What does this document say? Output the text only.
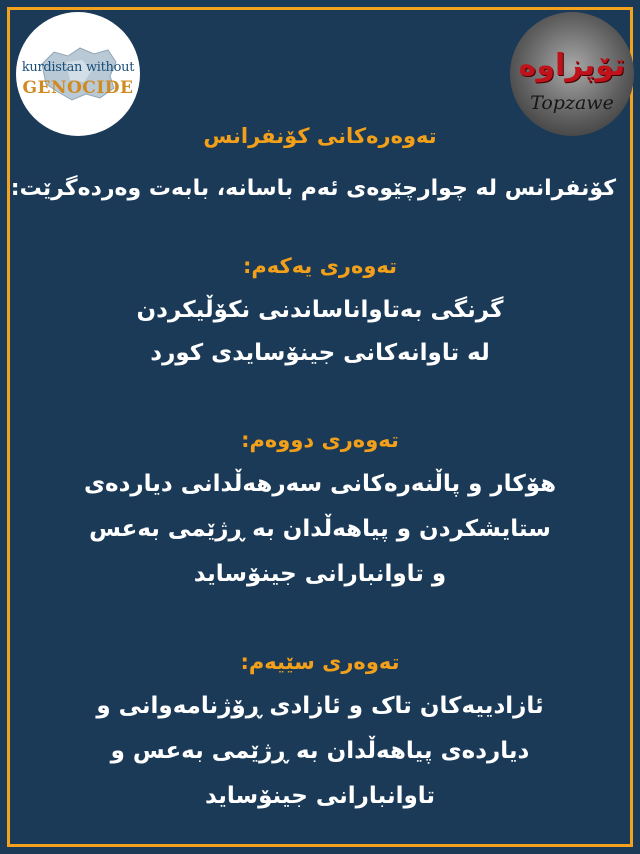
kurdistan without
GENOCIDE
تۆپزاوە
Topzawe
تەوەرەکانی کۆنفرانس
کۆنفرانس لە چوارچێوەی ئەم باسانە، بابەت وەردەگرێت:
تەوەری یەکەم:
گرنگی بەتاواناساندنی نکۆڵیکردن
لە تاوانەکانی جینۆسایدی کورد
تەوەری دووەم:
هۆکار و پاڵنەرەکانی سەرهەڵدانی دیاردەی
ستایشکردن و پیاهەڵدان بە ڕژێمی بەعس
و تاوانبارانی جینۆساید
تەوەری سێیەم:
ئازادییەکان تاک و ئازادی ڕۆژنامەوانی و
دیاردەی پیاهەڵدان بە ڕژێمی بەعس و
تاوانبارانی جینۆساید
